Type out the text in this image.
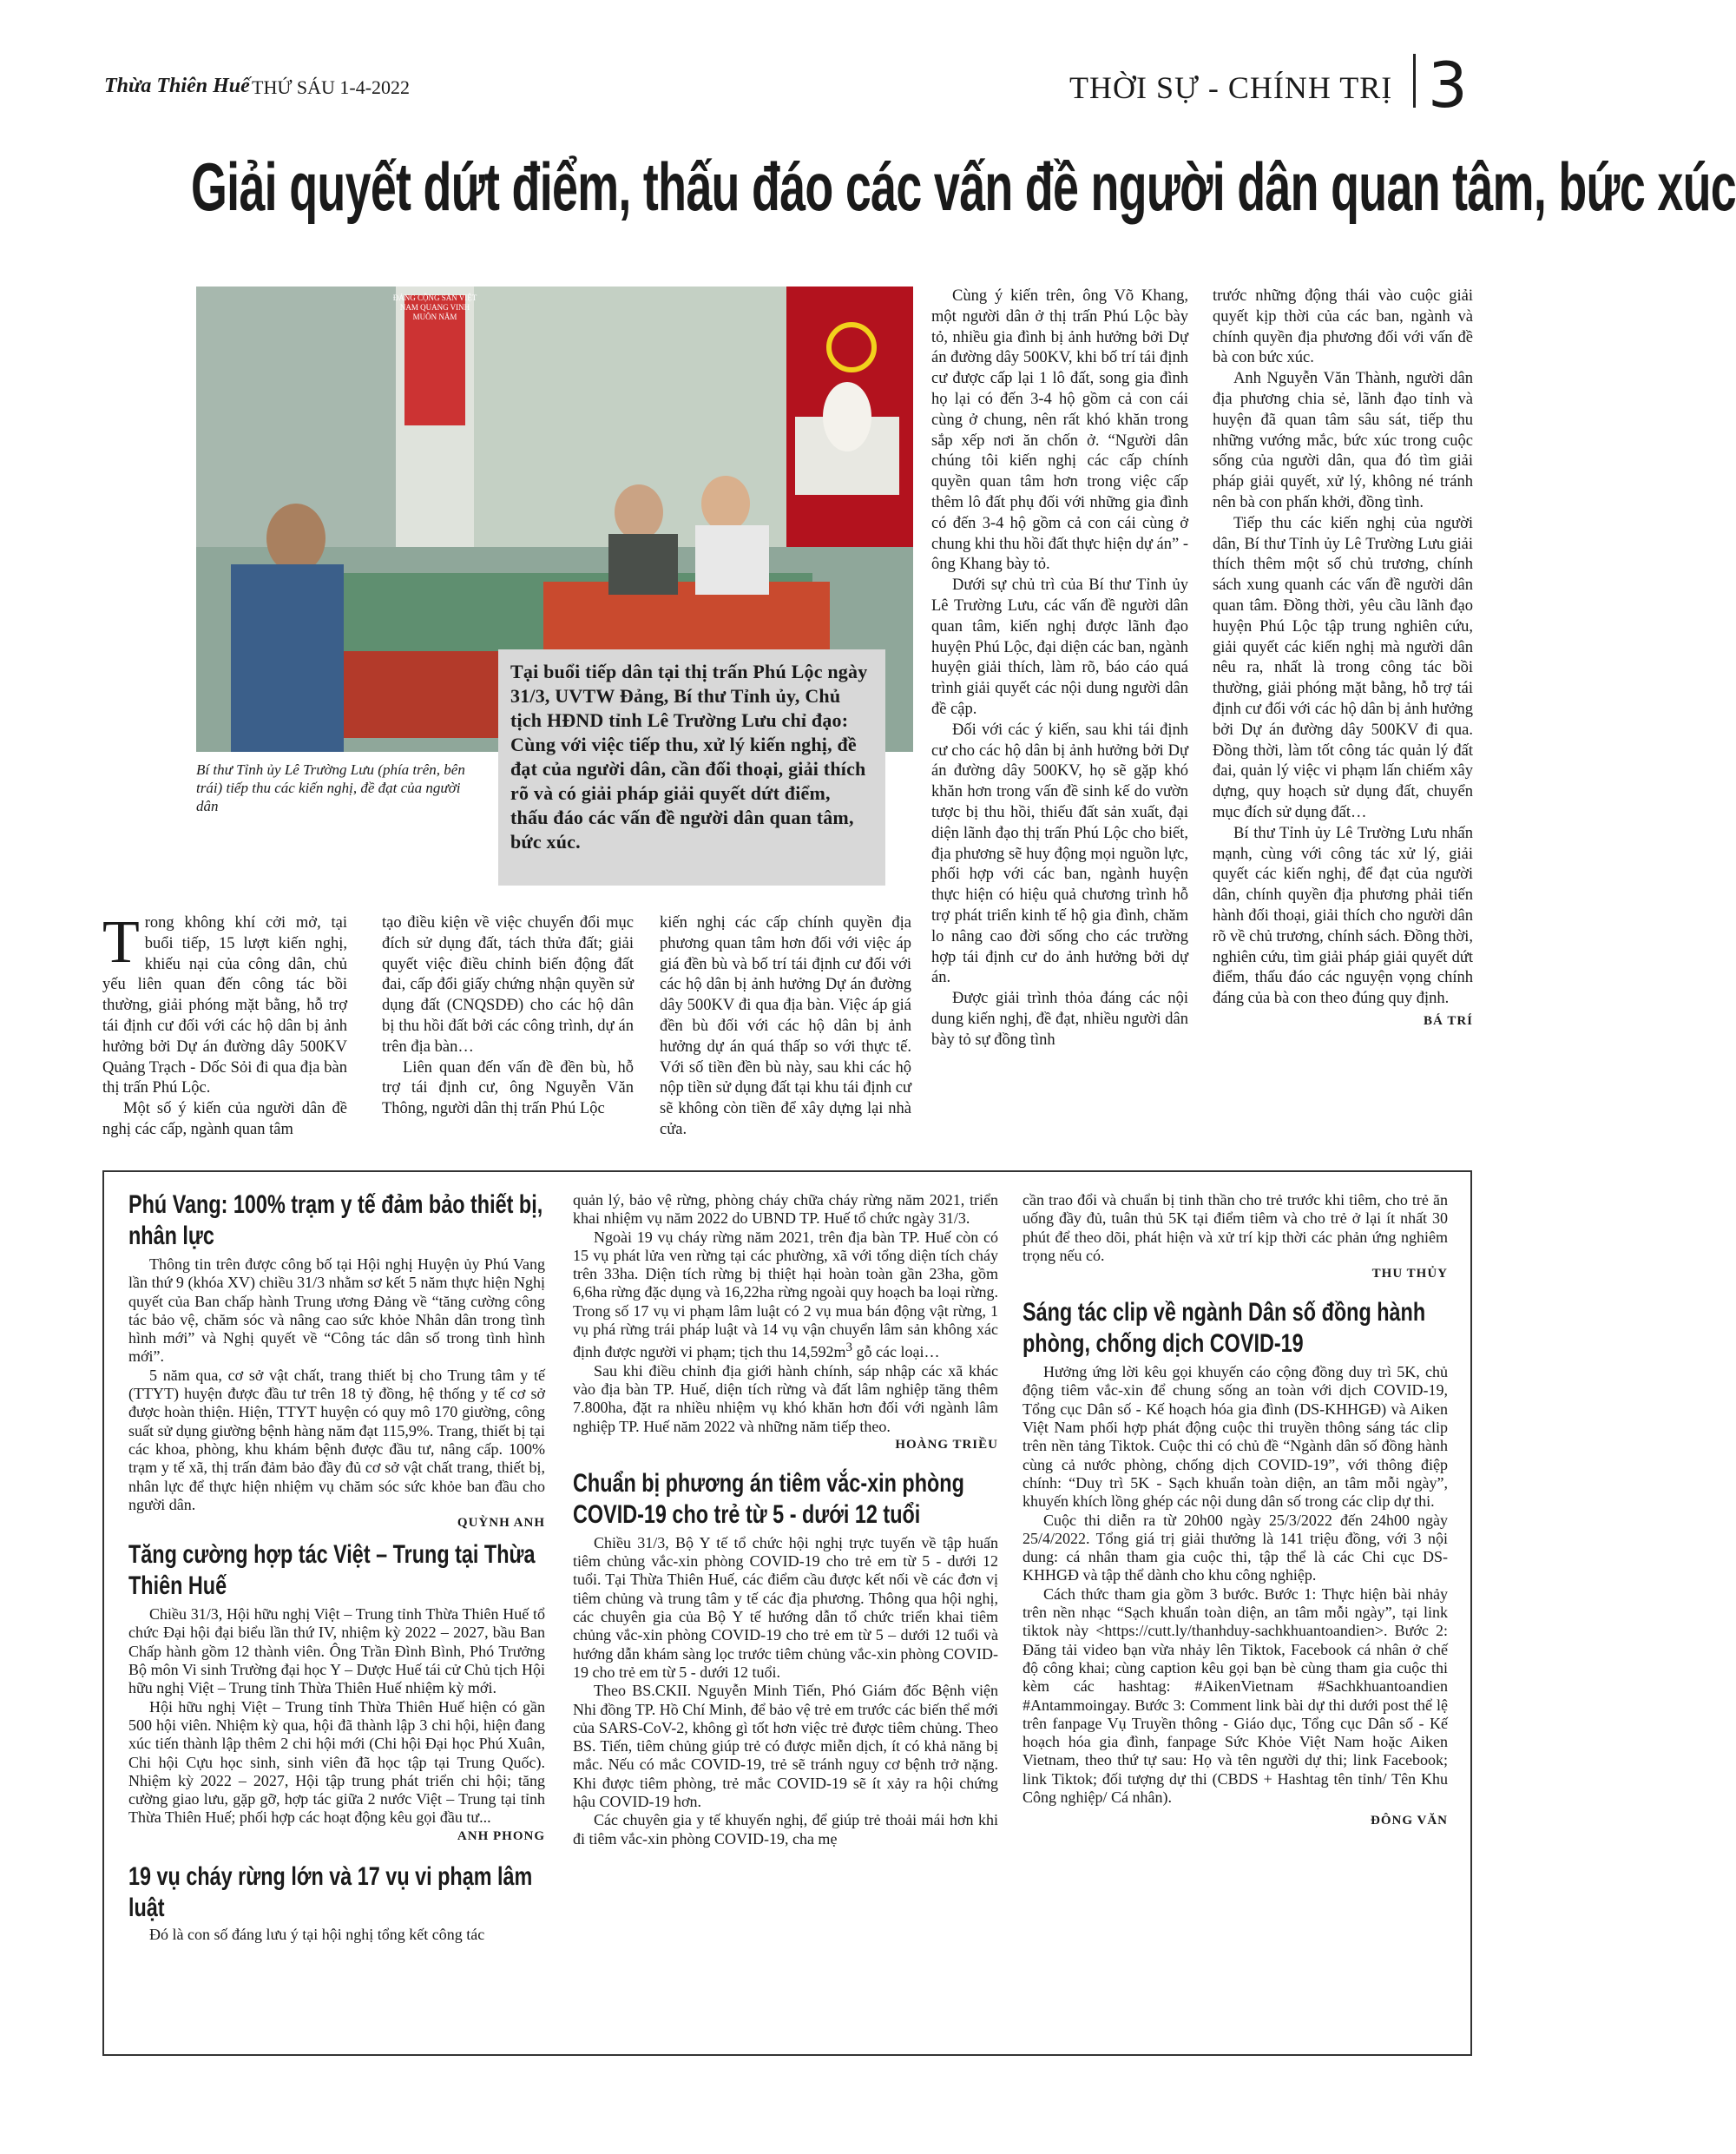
Thừa Thiên Huế THỨ SÁU 1-4-2022	THỜI SỰ - CHÍNH TRỊ 3
Giải quyết dứt điểm, thấu đáo các vấn đề người dân quan tâm, bức xúc
ĐẢNG CỘNG SẢN VIỆT NAM QUANG VINH MUÔN NĂM
Bí thư Tỉnh ủy Lê Trường Lưu (phía trên, bên trái) tiếp thu các kiến nghị, đề đạt của người dân
Tại buổi tiếp dân tại thị trấn Phú Lộc ngày 31/3, UVTW Đảng, Bí thư Tỉnh ủy, Chủ tịch HĐND tỉnh Lê Trường Lưu chỉ đạo: Cùng với việc tiếp thu, xử lý kiến nghị, đề đạt của người dân, cần đối thoại, giải thích rõ và có giải pháp giải quyết dứt điểm, thấu đáo các vấn đề người dân quan tâm, bức xúc.

Trong không khí cởi mở, tại buổi tiếp, 15 lượt kiến nghị, khiếu nại của công dân, chủ yếu liên quan đến công tác bồi thường, giải phóng mặt bằng, hỗ trợ tái định cư đối với các hộ dân bị ảnh hưởng bởi Dự án đường dây 500KV Quảng Trạch - Dốc Sỏi đi qua địa bàn thị trấn Phú Lộc.

Một số ý kiến của người dân đề nghị các cấp, ngành quan tâm

tạo điều kiện về việc chuyển đổi mục đích sử dụng đất, tách thửa đất; giải quyết việc điều chỉnh biến động đất đai, cấp đổi giấy chứng nhận quyền sử dụng đất (CNQSDĐ) cho các hộ dân bị thu hồi đất bởi các công trình, dự án trên địa bàn…

Liên quan đến vấn đề đền bù, hỗ trợ tái định cư, ông Nguyễn Văn Thông, người dân thị trấn Phú Lộc

kiến nghị các cấp chính quyền địa phương quan tâm hơn đối với việc áp giá đền bù và bố trí tái định cư đối với các hộ dân bị ảnh hưởng Dự án đường dây 500KV đi qua địa bàn. Việc áp giá đền bù đối với các hộ dân bị ảnh hưởng dự án quá thấp so với thực tế. Với số tiền đền bù này, sau khi các hộ nộp tiền sử dụng đất tại khu tái định cư sẽ không còn tiền để xây dựng lại nhà cửa.

Cùng ý kiến trên, ông Võ Khang, một người dân ở thị trấn Phú Lộc bày tỏ, nhiều gia đình bị ảnh hưởng bởi Dự án đường dây 500KV, khi bố trí tái định cư được cấp lại 1 lô đất, song gia đình họ lại có đến 3-4 hộ gồm cả con cái cùng ở chung, nên rất khó khăn trong sắp xếp nơi ăn chốn ở. “Người dân chúng tôi kiến nghị các cấp chính quyền quan tâm hơn trong việc cấp thêm lô đất phụ đối với những gia đình có đến 3-4 hộ gồm cả con cái cùng ở chung khi thu hồi đất thực hiện dự án” - ông Khang bày tỏ.

Dưới sự chủ trì của Bí thư Tỉnh ủy Lê Trường Lưu, các vấn đề người dân quan tâm, kiến nghị được lãnh đạo huyện Phú Lộc, đại diện các ban, ngành huyện giải thích, làm rõ, báo cáo quá trình giải quyết các nội dung người dân đề cập.

Đối với các ý kiến, sau khi tái định cư cho các hộ dân bị ảnh hưởng bởi Dự án đường dây 500KV, họ sẽ gặp khó khăn hơn trong vấn đề sinh kế do vườn tược bị thu hồi, thiếu đất sản xuất, đại diện lãnh đạo thị trấn Phú Lộc cho biết, địa phương sẽ huy động mọi nguồn lực, phối hợp với các ban, ngành huyện thực hiện có hiệu quả chương trình hỗ trợ phát triển kinh tế hộ gia đình, chăm lo nâng cao đời sống cho các trường hợp tái định cư do ảnh hưởng bởi dự án.

Được giải trình thỏa đáng các nội dung kiến nghị, đề đạt, nhiều người dân bày tỏ sự đồng tình

trước những động thái vào cuộc giải quyết kịp thời của các ban, ngành và chính quyền địa phương đối với vấn đề bà con bức xúc.

Anh Nguyễn Văn Thành, người dân địa phương chia sẻ, lãnh đạo tỉnh và huyện đã quan tâm sâu sát, tiếp thu những vướng mắc, bức xúc trong cuộc sống của người dân, qua đó tìm giải pháp giải quyết, xử lý, không né tránh nên bà con phấn khởi, đồng tình.

Tiếp thu các kiến nghị của người dân, Bí thư Tỉnh ủy Lê Trường Lưu giải thích thêm một số chủ trương, chính sách xung quanh các vấn đề người dân quan tâm. Đồng thời, yêu cầu lãnh đạo huyện Phú Lộc tập trung nghiên cứu, giải quyết các kiến nghị mà người dân nêu ra, nhất là trong công tác bồi thường, giải phóng mặt bằng, hỗ trợ tái định cư đối với các hộ dân bị ảnh hưởng bởi Dự án đường dây 500KV đi qua. Đồng thời, làm tốt công tác quản lý đất đai, quản lý việc vi phạm lấn chiếm xây dựng, quy hoạch sử dụng đất, chuyển mục đích sử dụng đất…

Bí thư Tỉnh ủy Lê Trường Lưu nhấn mạnh, cùng với công tác xử lý, giải quyết các kiến nghị, để đạt của người dân, chính quyền địa phương phải tiến hành đối thoại, giải thích cho người dân rõ về chủ trương, chính sách. Đồng thời, nghiên cứu, tìm giải pháp giải quyết dứt điểm, thấu đáo các nguyện vọng chính đáng của bà con theo đúng quy định.

BÁ TRÍ
Phú Vang: 100% trạm y tế đảm bảo thiết bị, nhân lực

Thông tin trên được công bố tại Hội nghị Huyện ủy Phú Vang lần thứ 9 (khóa XV) chiều 31/3 nhằm sơ kết 5 năm thực hiện Nghị quyết của Ban chấp hành Trung ương Đảng về “tăng cường công tác bảo vệ, chăm sóc và nâng cao sức khỏe Nhân dân trong tình hình mới” và Nghị quyết về “Công tác dân số trong tình hình mới”.

5 năm qua, cơ sở vật chất, trang thiết bị cho Trung tâm y tế (TTYT) huyện được đầu tư trên 18 tỷ đồng, hệ thống y tế cơ sở được hoàn thiện. Hiện, TTYT huyện có quy mô 170 giường, công suất sử dụng giường bệnh hàng năm đạt 115,9%. Trang, thiết bị tại các khoa, phòng, khu khám bệnh được đầu tư, nâng cấp. 100% trạm y tế xã, thị trấn đảm bảo đầy đủ cơ sở vật chất trang, thiết bị, nhân lực để thực hiện nhiệm vụ chăm sóc sức khỏe ban đầu cho người dân.

QUỲNH ANH
Tăng cường hợp tác Việt – Trung tại Thừa Thiên Huế

Chiều 31/3, Hội hữu nghị Việt – Trung tỉnh Thừa Thiên Huế tổ chức Đại hội đại biểu lần thứ IV, nhiệm kỳ 2022 – 2027, bầu Ban Chấp hành gồm 12 thành viên. Ông Trần Đình Bình, Phó Trưởng Bộ môn Vi sinh Trường đại học Y – Dược Huế tái cử Chủ tịch Hội hữu nghị Việt – Trung tỉnh Thừa Thiên Huế nhiệm kỳ mới.

Hội hữu nghị Việt – Trung tỉnh Thừa Thiên Huế hiện có gần 500 hội viên. Nhiệm kỳ qua, hội đã thành lập 3 chi hội, hiện đang xúc tiến thành lập thêm 2 chi hội mới (Chi hội Đại học Phú Xuân, Chi hội Cựu học sinh, sinh viên đã học tập tại Trung Quốc). Nhiệm kỳ 2022 – 2027, Hội tập trung phát triển chi hội; tăng cường giao lưu, gặp gỡ, hợp tác giữa 2 nước Việt – Trung tại tỉnh Thừa Thiên Huế; phối hợp các hoạt động kêu gọi đầu tư...

ANH PHONG
19 vụ cháy rừng lớn và 17 vụ vi phạm lâm luật

Đó là con số đáng lưu ý tại hội nghị tổng kết công tác

quản lý, bảo vệ rừng, phòng cháy chữa cháy rừng năm 2021, triển khai nhiệm vụ năm 2022 do UBND TP. Huế tổ chức ngày 31/3.

Ngoài 19 vụ cháy rừng năm 2021, trên địa bàn TP. Huế còn có 15 vụ phát lửa ven rừng tại các phường, xã với tổng diện tích cháy trên 33ha. Diện tích rừng bị thiệt hại hoàn toàn gần 23ha, gồm 6,6ha rừng đặc dụng và 16,22ha rừng ngoài quy hoạch ba loại rừng. Trong số 17 vụ vi phạm lâm luật có 2 vụ mua bán động vật rừng, 1 vụ phá rừng trái pháp luật và 14 vụ vận chuyển lâm sản không xác định được người vi phạm; tịch thu $14,592m^3$ gỗ các loại…

Sau khi điều chỉnh địa giới hành chính, sáp nhập các xã khác vào địa bàn TP. Huế, diện tích rừng và đất lâm nghiệp tăng thêm 7.800ha, đặt ra nhiều nhiệm vụ khó khăn hơn đối với ngành lâm nghiệp TP. Huế năm 2022 và những năm tiếp theo.

HOÀNG TRIỀU
Chuẩn bị phương án tiêm vắc-xin phòng COVID-19 cho trẻ từ 5 - dưới 12 tuổi

Chiều 31/3, Bộ Y tế tổ chức hội nghị trực tuyến về tập huấn tiêm chủng vắc-xin phòng COVID-19 cho trẻ em từ 5 - dưới 12 tuổi. Tại Thừa Thiên Huế, các điểm cầu được kết nối về các đơn vị tiêm chủng và trung tâm y tế các địa phương. Thông qua hội nghị, các chuyên gia của Bộ Y tế hướng dẫn tổ chức triển khai tiêm chủng vắc-xin phòng COVID-19 cho trẻ em từ 5 – dưới 12 tuổi và hướng dẫn khám sàng lọc trước tiêm chủng vắc-xin phòng COVID-19 cho trẻ em từ 5 - dưới 12 tuổi.

Theo BS.CKII. Nguyễn Minh Tiến, Phó Giám đốc Bệnh viện Nhi đồng TP. Hồ Chí Minh, để bảo vệ trẻ em trước các biến thể mới của SARS-CoV-2, không gì tốt hơn việc trẻ được tiêm chủng. Theo BS. Tiến, tiêm chủng giúp trẻ có được miễn dịch, ít có khả năng bị mắc. Nếu có mắc COVID-19, trẻ sẽ tránh nguy cơ bệnh trở nặng. Khi được tiêm phòng, trẻ mắc COVID-19 sẽ ít xảy ra hội chứng hậu COVID-19 hơn.

Các chuyên gia y tế khuyến nghị, để giúp trẻ thoải mái hơn khi đi tiêm vắc-xin phòng COVID-19, cha mẹ

cần trao đổi và chuẩn bị tinh thần cho trẻ trước khi tiêm, cho trẻ ăn uống đầy đủ, tuân thủ 5K tại điểm tiêm và cho trẻ ở lại ít nhất 30 phút để theo dõi, phát hiện và xử trí kịp thời các phản ứng nghiêm trọng nếu có.

THU THỦY
Sáng tác clip về ngành Dân số đồng hành phòng, chống dịch COVID-19

Hưởng ứng lời kêu gọi khuyến cáo cộng đồng duy trì 5K, chủ động tiêm vắc-xin để chung sống an toàn với dịch COVID-19, Tổng cục Dân số - Kế hoạch hóa gia đình (DS-KHHGĐ) và Aiken Việt Nam phối hợp phát động cuộc thi truyền thông sáng tác clip trên nền tảng Tiktok. Cuộc thi có chủ đề “Ngành dân số đồng hành cùng cả nước phòng, chống dịch COVID-19”, với thông điệp chính: “Duy trì 5K - Sạch khuẩn toàn diện, an tâm mỗi ngày”, khuyến khích lồng ghép các nội dung dân số trong các clip dự thi.

Cuộc thi diễn ra từ 20h00 ngày 25/3/2022 đến 24h00 ngày 25/4/2022. Tổng giá trị giải thưởng là 141 triệu đồng, với 3 nội dung: cá nhân tham gia cuộc thi, tập thể là các Chi cục DS-KHHGĐ và tập thể dành cho khu công nghiệp.

Cách thức tham gia gồm 3 bước. Bước 1: Thực hiện bài nhảy trên nền nhạc “Sạch khuẩn toàn diện, an tâm mỗi ngày”, tại link tiktok này <https://cutt.ly/thanhduy-sachkhuantoandien>. Bước 2: Đăng tải video bạn vừa nhảy lên Tiktok, Facebook cá nhân ở chế độ công khai; cùng caption kêu gọi bạn bè cùng tham gia cuộc thi kèm các hashtag: #AikenVietnam #Sachkhuantoandien #Antammoingay. Bước 3: Comment link bài dự thi dưới post thể lệ trên fanpage Vụ Truyền thông - Giáo dục, Tổng cục Dân số - Kế hoạch hóa gia đình, fanpage Sức Khỏe Việt Nam hoặc Aiken Vietnam, theo thứ tự sau: Họ và tên người dự thi; link Facebook; link Tiktok; đối tượng dự thi (CBDS + Hashtag tên tỉnh/ Tên Khu Công nghiệp/ Cá nhân).

ĐÔNG VĂN
